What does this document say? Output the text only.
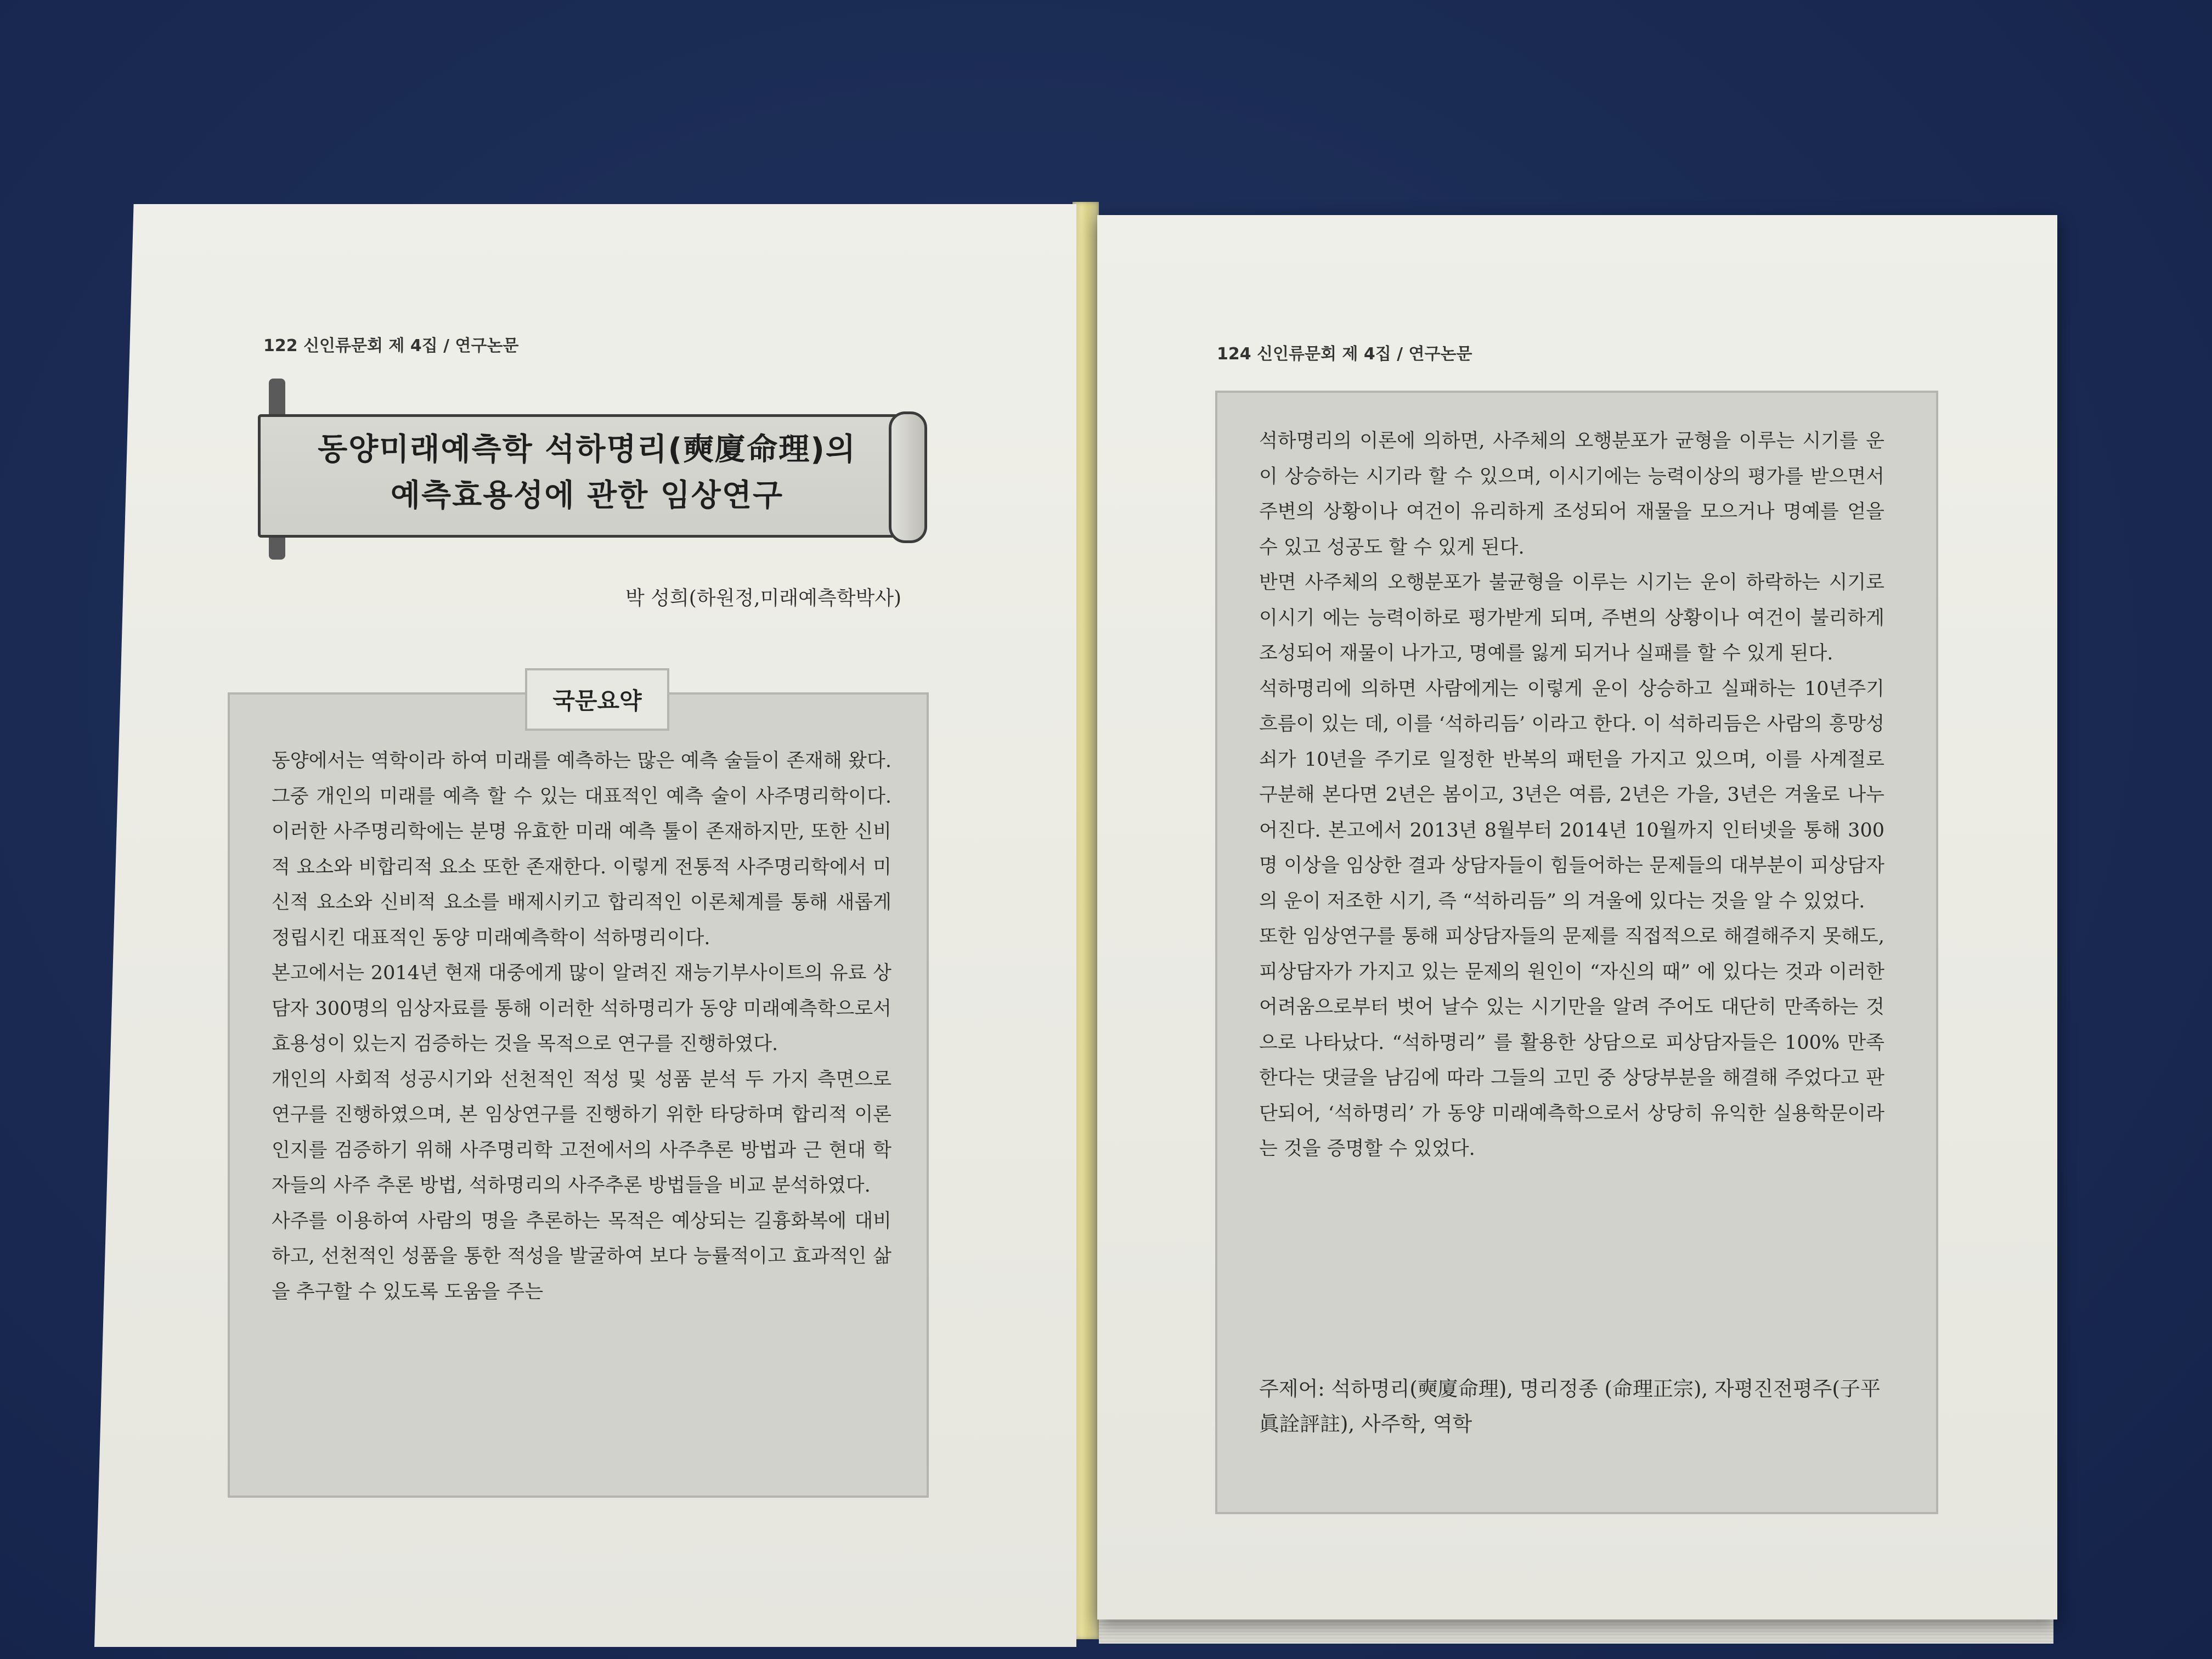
122 신인류문회 제 4집 / 연구논문
동양미래예측학 석하명리(奭廈命理)의
예측효용성에 관한 임상연구
박 성희(하원정,미래예측학박사)
국문요약

동양에서는 역학이라 하여 미래를 예측하는 많은 예측 술들이 존재해 왔다. 그중 개인의 미래를 예측 할 수 있는 대표적인 예측 술이 사주명리학이다. 이러한 사주명리학에는 분명 유효한 미래 예측 툴이 존재하지만, 또한 신비적 요소와 비합리적 요소 또한 존재한다. 이렇게 전통적 사주명리학에서 미신적 요소와 신비적 요소를 배제시키고 합리적인 이론체계를 통해 새롭게 정립시킨 대표적인 동양 미래예측학이 석하명리이다.

본고에서는 2014년 현재 대중에게 많이 알려진 재능기부사이트의 유료 상담자 300명의 임상자료를 통해 이러한 석하명리가 동양 미래예측학으로서 효용성이 있는지 검증하는 것을 목적으로 연구를 진행하였다.

개인의 사회적 성공시기와 선천적인 적성 및 성품 분석 두 가지 측면으로 연구를 진행하였으며, 본 임상연구를 진행하기 위한 타당하며 합리적 이론인지를 검증하기 위해 사주명리학 고전에서의 사주추론 방법과 근 현대 학자들의 사주 추론 방법, 석하명리의 사주추론 방법들을 비교 분석하였다.

사주를 이용하여 사람의 명을 추론하는 목적은 예상되는 길흉화복에 대비하고, 선천적인 성품을 통한 적성을 발굴하여 보다 능률적이고 효과적인 삶을 추구할 수 있도록 도움을 주는

124 신인류문회 제 4집 / 연구논문

석하명리의 이론에 의하면, 사주체의 오행분포가 균형을 이루는 시기를 운이 상승하는 시기라 할 수 있으며, 이시기에는 능력이상의 평가를 받으면서 주변의 상황이나 여건이 유리하게 조성되어 재물을 모으거나 명예를 얻을 수 있고 성공도 할 수 있게 된다.

반면 사주체의 오행분포가 불균형을 이루는 시기는 운이 하락하는 시기로 이시기 에는 능력이하로 평가받게 되며, 주변의 상황이나 여건이 불리하게 조성되어 재물이 나가고, 명예를 잃게 되거나 실패를 할 수 있게 된다.

석하명리에 의하면 사람에게는 이렇게 운이 상승하고 실패하는 10년주기 흐름이 있는 데, 이를 ‘석하리듬’ 이라고 한다. 이 석하리듬은 사람의 흥망성쇠가 10년을 주기로 일정한 반복의 패턴을 가지고 있으며, 이를 사계절로 구분해 본다면 2년은 봄이고, 3년은 여름, 2년은 가을, 3년은 겨울로 나누어진다. 본고에서 2013년 8월부터 2014년 10월까지 인터넷을 통해 300명 이상을 임상한 결과 상담자들이 힘들어하는 문제들의 대부분이 피상담자의 운이 저조한 시기, 즉 “석하리듬” 의 겨울에 있다는 것을 알 수 있었다.

또한 임상연구를 통해 피상담자들의 문제를 직접적으로 해결해주지 못해도, 피상담자가 가지고 있는 문제의 원인이 “자신의 때” 에 있다는 것과 이러한 어려움으로부터 벗어 날수 있는 시기만을 알려 주어도 대단히 만족하는 것으로 나타났다. “석하명리” 를 활용한 상담으로 피상담자들은 100% 만족한다는 댓글을 남김에 따라 그들의 고민 중 상당부분을 해결해 주었다고 판단되어, ‘석하명리’ 가 동양 미래예측학으로서 상당히 유익한 실용학문이라는 것을 증명할 수 있었다.

주제어: 석하명리(奭廈命理), 명리정종 (命理正宗), 자평진전평주(子平眞詮評註), 사주학, 역학
